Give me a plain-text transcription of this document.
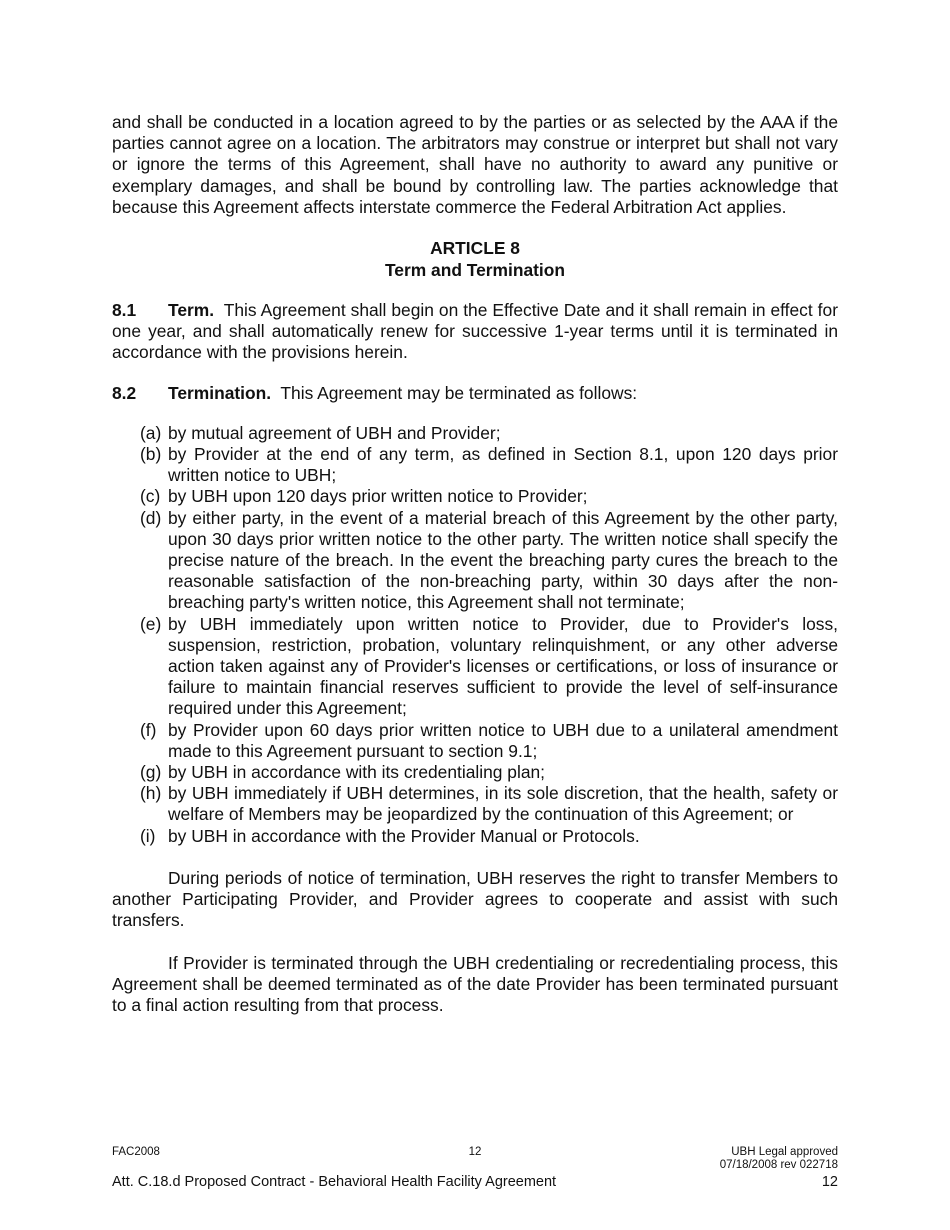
and shall be conducted in a location agreed to by the parties or as selected by the AAA if the parties cannot agree on a location. The arbitrators may construe or interpret but shall not vary or ignore the terms of this Agreement, shall have no authority to award any punitive or exemplary damages, and shall be bound by controlling law. The parties acknowledge that because this Agreement affects interstate commerce the Federal Arbitration Act applies.

ARTICLE 8
Term and Termination
8.1 Term. This Agreement shall begin on the Effective Date and it shall remain in effect for one year, and shall automatically renew for successive 1-year terms until it is terminated in accordance with the provisions herein.
8.2 Termination. This Agreement may be terminated as follows:
(a) by mutual agreement of UBH and Provider;
(b) by Provider at the end of any term, as defined in Section 8.1, upon 120 days prior written notice to UBH;
(c) by UBH upon 120 days prior written notice to Provider;
(d) by either party, in the event of a material breach of this Agreement by the other party, upon 30 days prior written notice to the other party. The written notice shall specify the precise nature of the breach. In the event the breaching party cures the breach to the reasonable satisfaction of the non-breaching party, within 30 days after the non-breaching party's written notice, this Agreement shall not terminate;
(e) by UBH immediately upon written notice to Provider, due to Provider's loss, suspension, restriction, probation, voluntary relinquishment, or any other adverse action taken against any of Provider's licenses or certifications, or loss of insurance or failure to maintain financial reserves sufficient to provide the level of self-insurance required under this Agreement;
(f) by Provider upon 60 days prior written notice to UBH due to a unilateral amendment made to this Agreement pursuant to section 9.1;
(g) by UBH in accordance with its credentialing plan;
(h) by UBH immediately if UBH determines, in its sole discretion, that the health, safety or welfare of Members may be jeopardized by the continuation of this Agreement; or
(i) by UBH in accordance with the Provider Manual or Protocols.

During periods of notice of termination, UBH reserves the right to transfer Members to another Participating Provider, and Provider agrees to cooperate and assist with such transfers.

If Provider is terminated through the UBH credentialing or recredentialing process, this Agreement shall be deemed terminated as of the date Provider has been terminated pursuant to a final action resulting from that process.

FAC2008	12	UBH Legal approved
07/18/2008 rev 022718
Att. C.18.d Proposed Contract - Behavioral Health Facility Agreement	12
